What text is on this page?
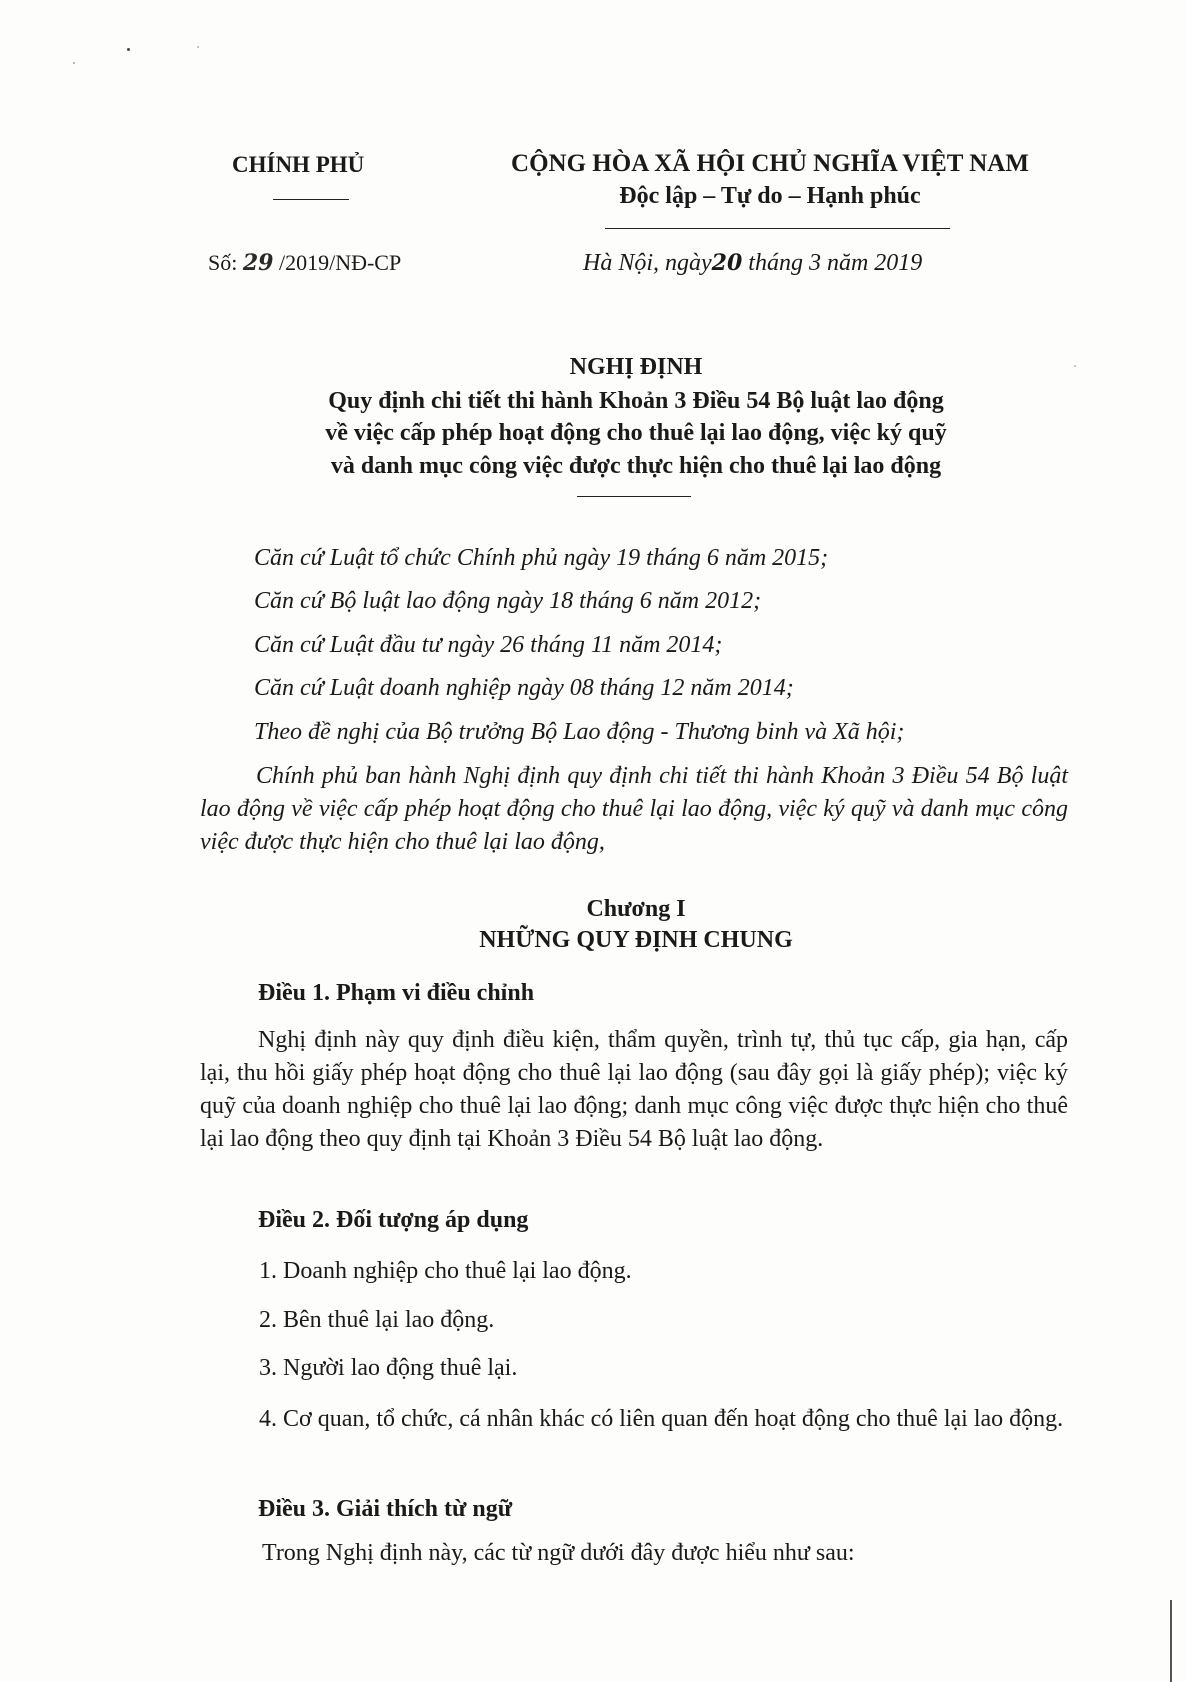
CHÍNH PHỦ	CỘNG HÒA XÃ HỘI CHỦ NGHĨA VIỆT NAM
Độc lập – Tự do – Hạnh phúc
Số: 29 /2019/NĐ-CP	Hà Nội, ngày20 tháng 3 năm 2019
NGHỊ ĐỊNH
Quy định chi tiết thi hành Khoản 3 Điều 54 Bộ luật lao động
về việc cấp phép hoạt động cho thuê lại lao động, việc ký quỹ
và danh mục công việc được thực hiện cho thuê lại lao động
Căn cứ Luật tổ chức Chính phủ ngày 19 tháng 6 năm 2015;
Căn cứ Bộ luật lao động ngày 18 tháng 6 năm 2012;
Căn cứ Luật đầu tư ngày 26 tháng 11 năm 2014;
Căn cứ Luật doanh nghiệp ngày 08 tháng 12 năm 2014;
Theo đề nghị của Bộ trưởng Bộ Lao động - Thương binh và Xã hội;
Chính phủ ban hành Nghị định quy định chi tiết thi hành Khoản 3 Điều 54 Bộ luật lao động về việc cấp phép hoạt động cho thuê lại lao động, việc ký quỹ và danh mục công việc được thực hiện cho thuê lại lao động,
Chương I
NHỮNG QUY ĐỊNH CHUNG
Điều 1. Phạm vi điều chỉnh
Nghị định này quy định điều kiện, thẩm quyền, trình tự, thủ tục cấp, gia hạn, cấp lại, thu hồi giấy phép hoạt động cho thuê lại lao động (sau đây gọi là giấy phép); việc ký quỹ của doanh nghiệp cho thuê lại lao động; danh mục công việc được thực hiện cho thuê lại lao động theo quy định tại Khoản 3 Điều 54 Bộ luật lao động.
Điều 2. Đối tượng áp dụng
1. Doanh nghiệp cho thuê lại lao động.
2. Bên thuê lại lao động.
3. Người lao động thuê lại.
4. Cơ quan, tổ chức, cá nhân khác có liên quan đến hoạt động cho thuê lại lao động.
Điều 3. Giải thích từ ngữ
Trong Nghị định này, các từ ngữ dưới đây được hiểu như sau:
